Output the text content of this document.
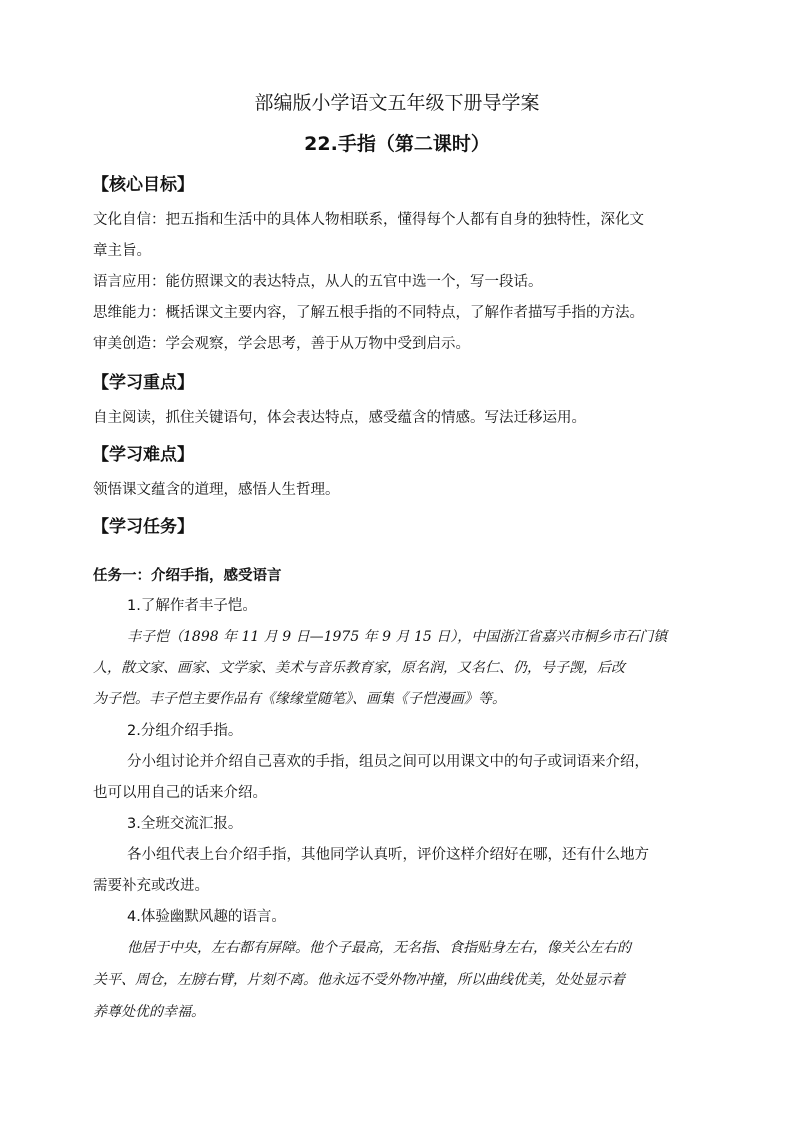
部编版小学语文五年级下册导学案
22.手指（第二课时）
【核心目标】
文化自信：把五指和生活中的具体人物相联系，懂得每个人都有自身的独特性，深化文
章主旨。
语言应用：能仿照课文的表达特点，从人的五官中选一个，写一段话。
思维能力：概括课文主要内容，了解五根手指的不同特点，了解作者描写手指的方法。
审美创造：学会观察，学会思考，善于从万物中受到启示。
【学习重点】
自主阅读，抓住关键语句，体会表达特点，感受蕴含的情感。写法迁移运用。
【学习难点】
领悟课文蕴含的道理，感悟人生哲理。
【学习任务】
任务一：介绍手指，感受语言
1.了解作者丰子恺。
丰子恺（1898 年 11 月 9 日—1975 年 9 月 15 日），中国浙江省嘉兴市桐乡市石门镇
人，散文家、画家、文学家、美术与音乐教育家，原名润，又名仁、仍，号子觊，后改
为子恺。丰子恺主要作品有《缘缘堂随笔》、画集《子恺漫画》等。
2.分组介绍手指。
分小组讨论并介绍自己喜欢的手指，组员之间可以用课文中的句子或词语来介绍，
也可以用自己的话来介绍。
3.全班交流汇报。
各小组代表上台介绍手指，其他同学认真听，评价这样介绍好在哪，还有什么地方
需要补充或改进。
4.体验幽默风趣的语言。
他居于中央，左右都有屏障。他个子最高，无名指、食指贴身左右，像关公左右的
关平、周仓，左膀右臂，片刻不离。他永远不受外物冲撞，所以曲线优美，处处显示着
养尊处优的幸福。
